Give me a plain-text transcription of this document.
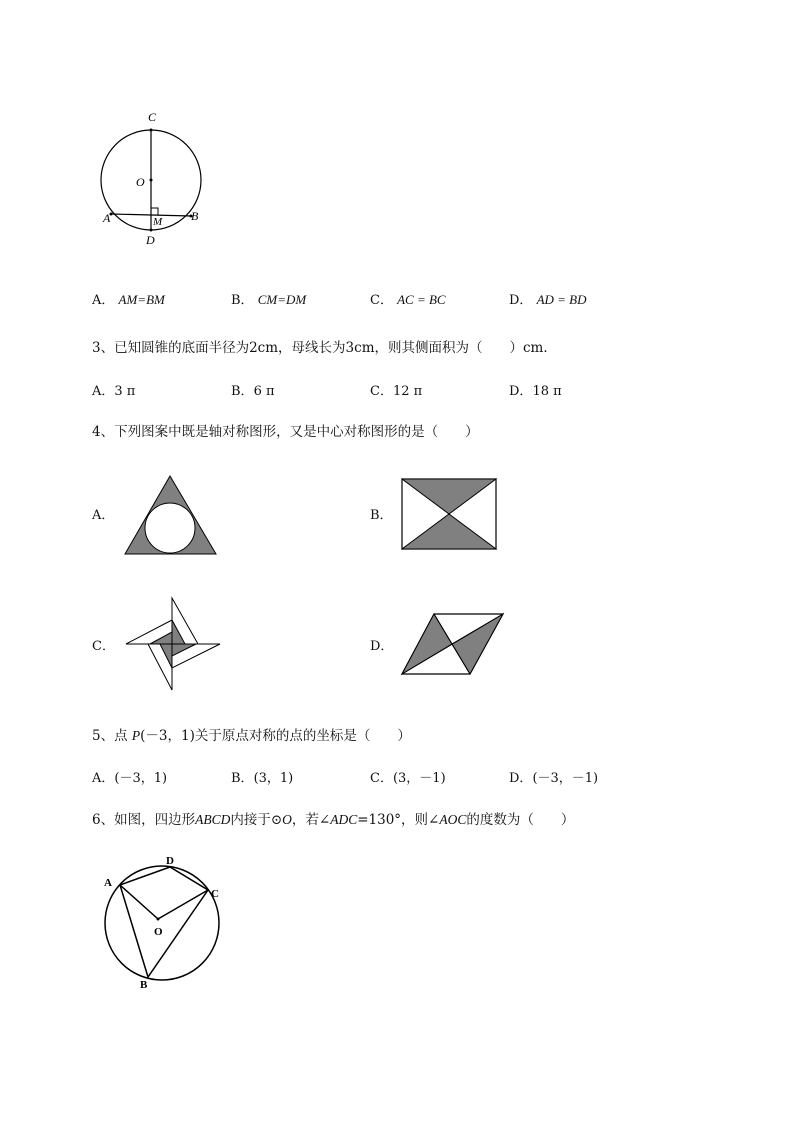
C
O
A	B
M
D
A． AM=BM	B． CM=DM	C． AC = BC	D． AD = BD
3、已知圆锥的底面半径为2cm，母线长为3cm，则其侧面积为（　　）cm．
A．3 π	B．6 π	C．12 π	D．18 π
4、下列图案中既是轴对称图形，又是中心对称图形的是（　　）
A．	B．
C．	D．
5、点 P(－3，1)关于原点对称的点的坐标是（　　）
A．(－3，1)	B．(3，1)	C．(3，－1)	D．(－3，－1)
6、如图，四边形ABCD内接于⊙O，若∠ADC=130°，则∠AOC的度数为（　　）
A
D
C
O
B
